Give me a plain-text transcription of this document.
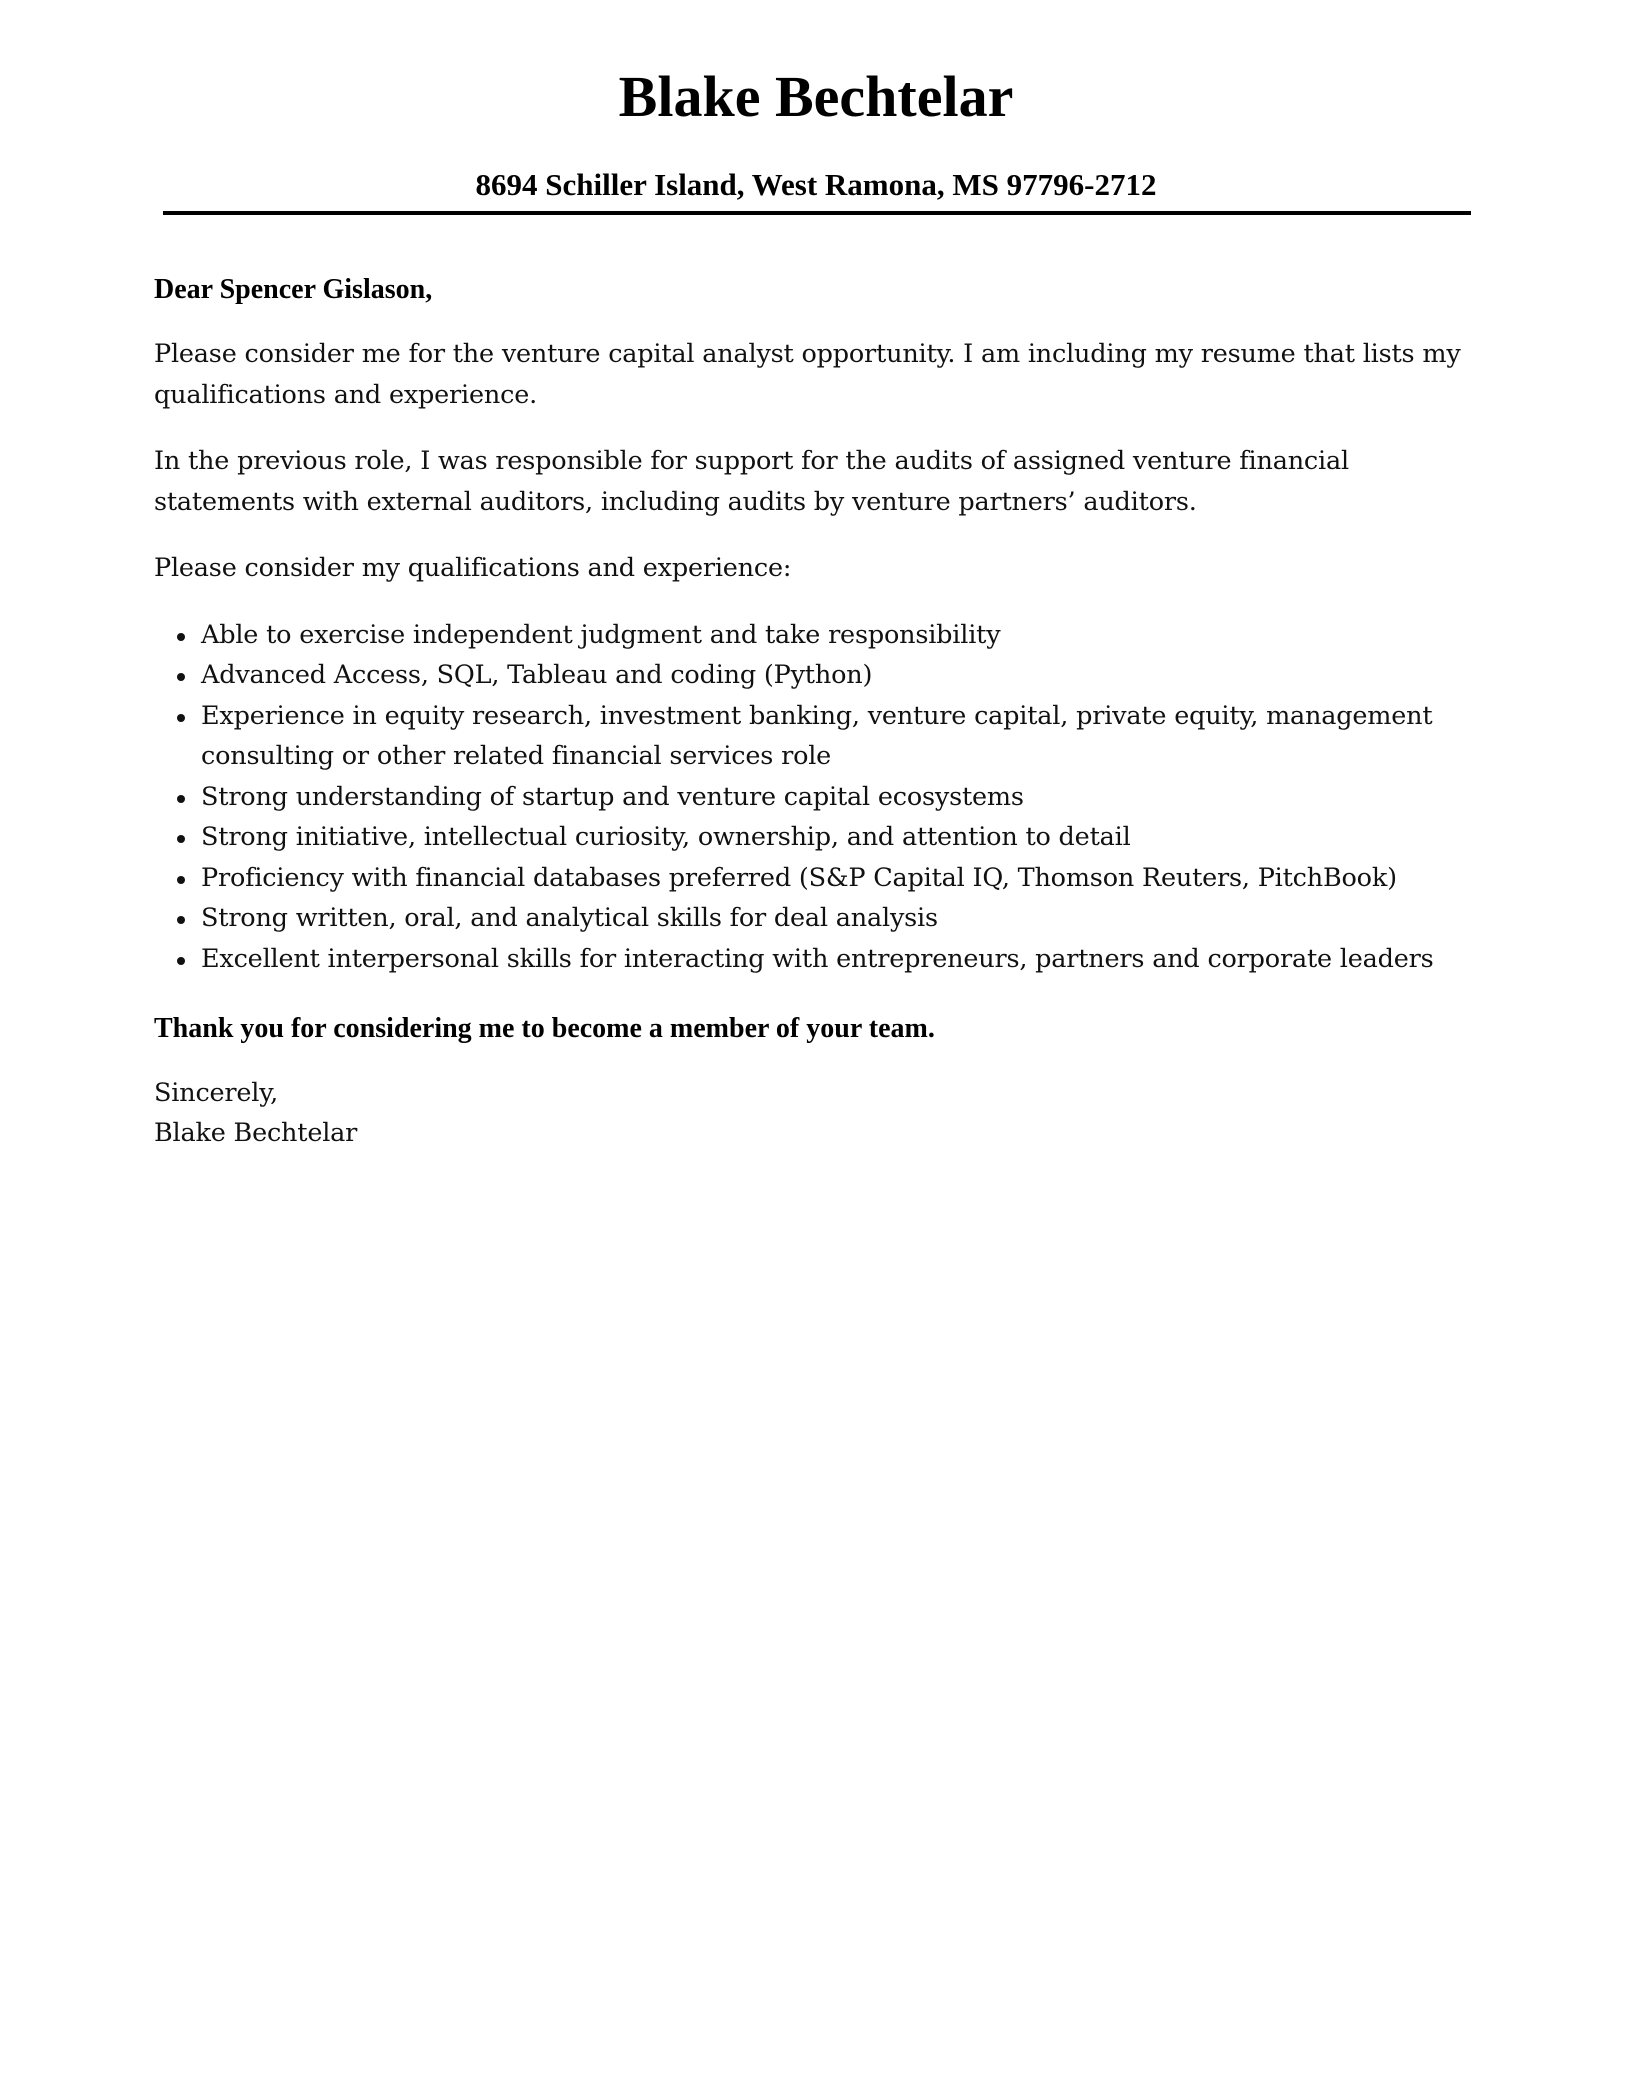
Blake Bechtelar
8694 Schiller Island, West Ramona, MS 97796-2712

Dear Spencer Gislason,

Please consider me for the venture capital analyst opportunity. I am including my resume that lists my qualifications and experience.

In the previous role, I was responsible for support for the audits of assigned venture financial statements with external auditors, including audits by venture partners’ auditors.

Please consider my qualifications and experience:

Able to exercise independent judgment and take responsibility
Advanced Access, SQL, Tableau and coding (Python)
Experience in equity research, investment banking, venture capital, private equity, management consulting or other related financial services role
Strong understanding of startup and venture capital ecosystems
Strong initiative, intellectual curiosity, ownership, and attention to detail
Proficiency with financial databases preferred (S&P Capital IQ, Thomson Reuters, PitchBook)
Strong written, oral, and analytical skills for deal analysis
Excellent interpersonal skills for interacting with entrepreneurs, partners and corporate leaders

Thank you for considering me to become a member of your team.

Sincerely,

Blake Bechtelar
